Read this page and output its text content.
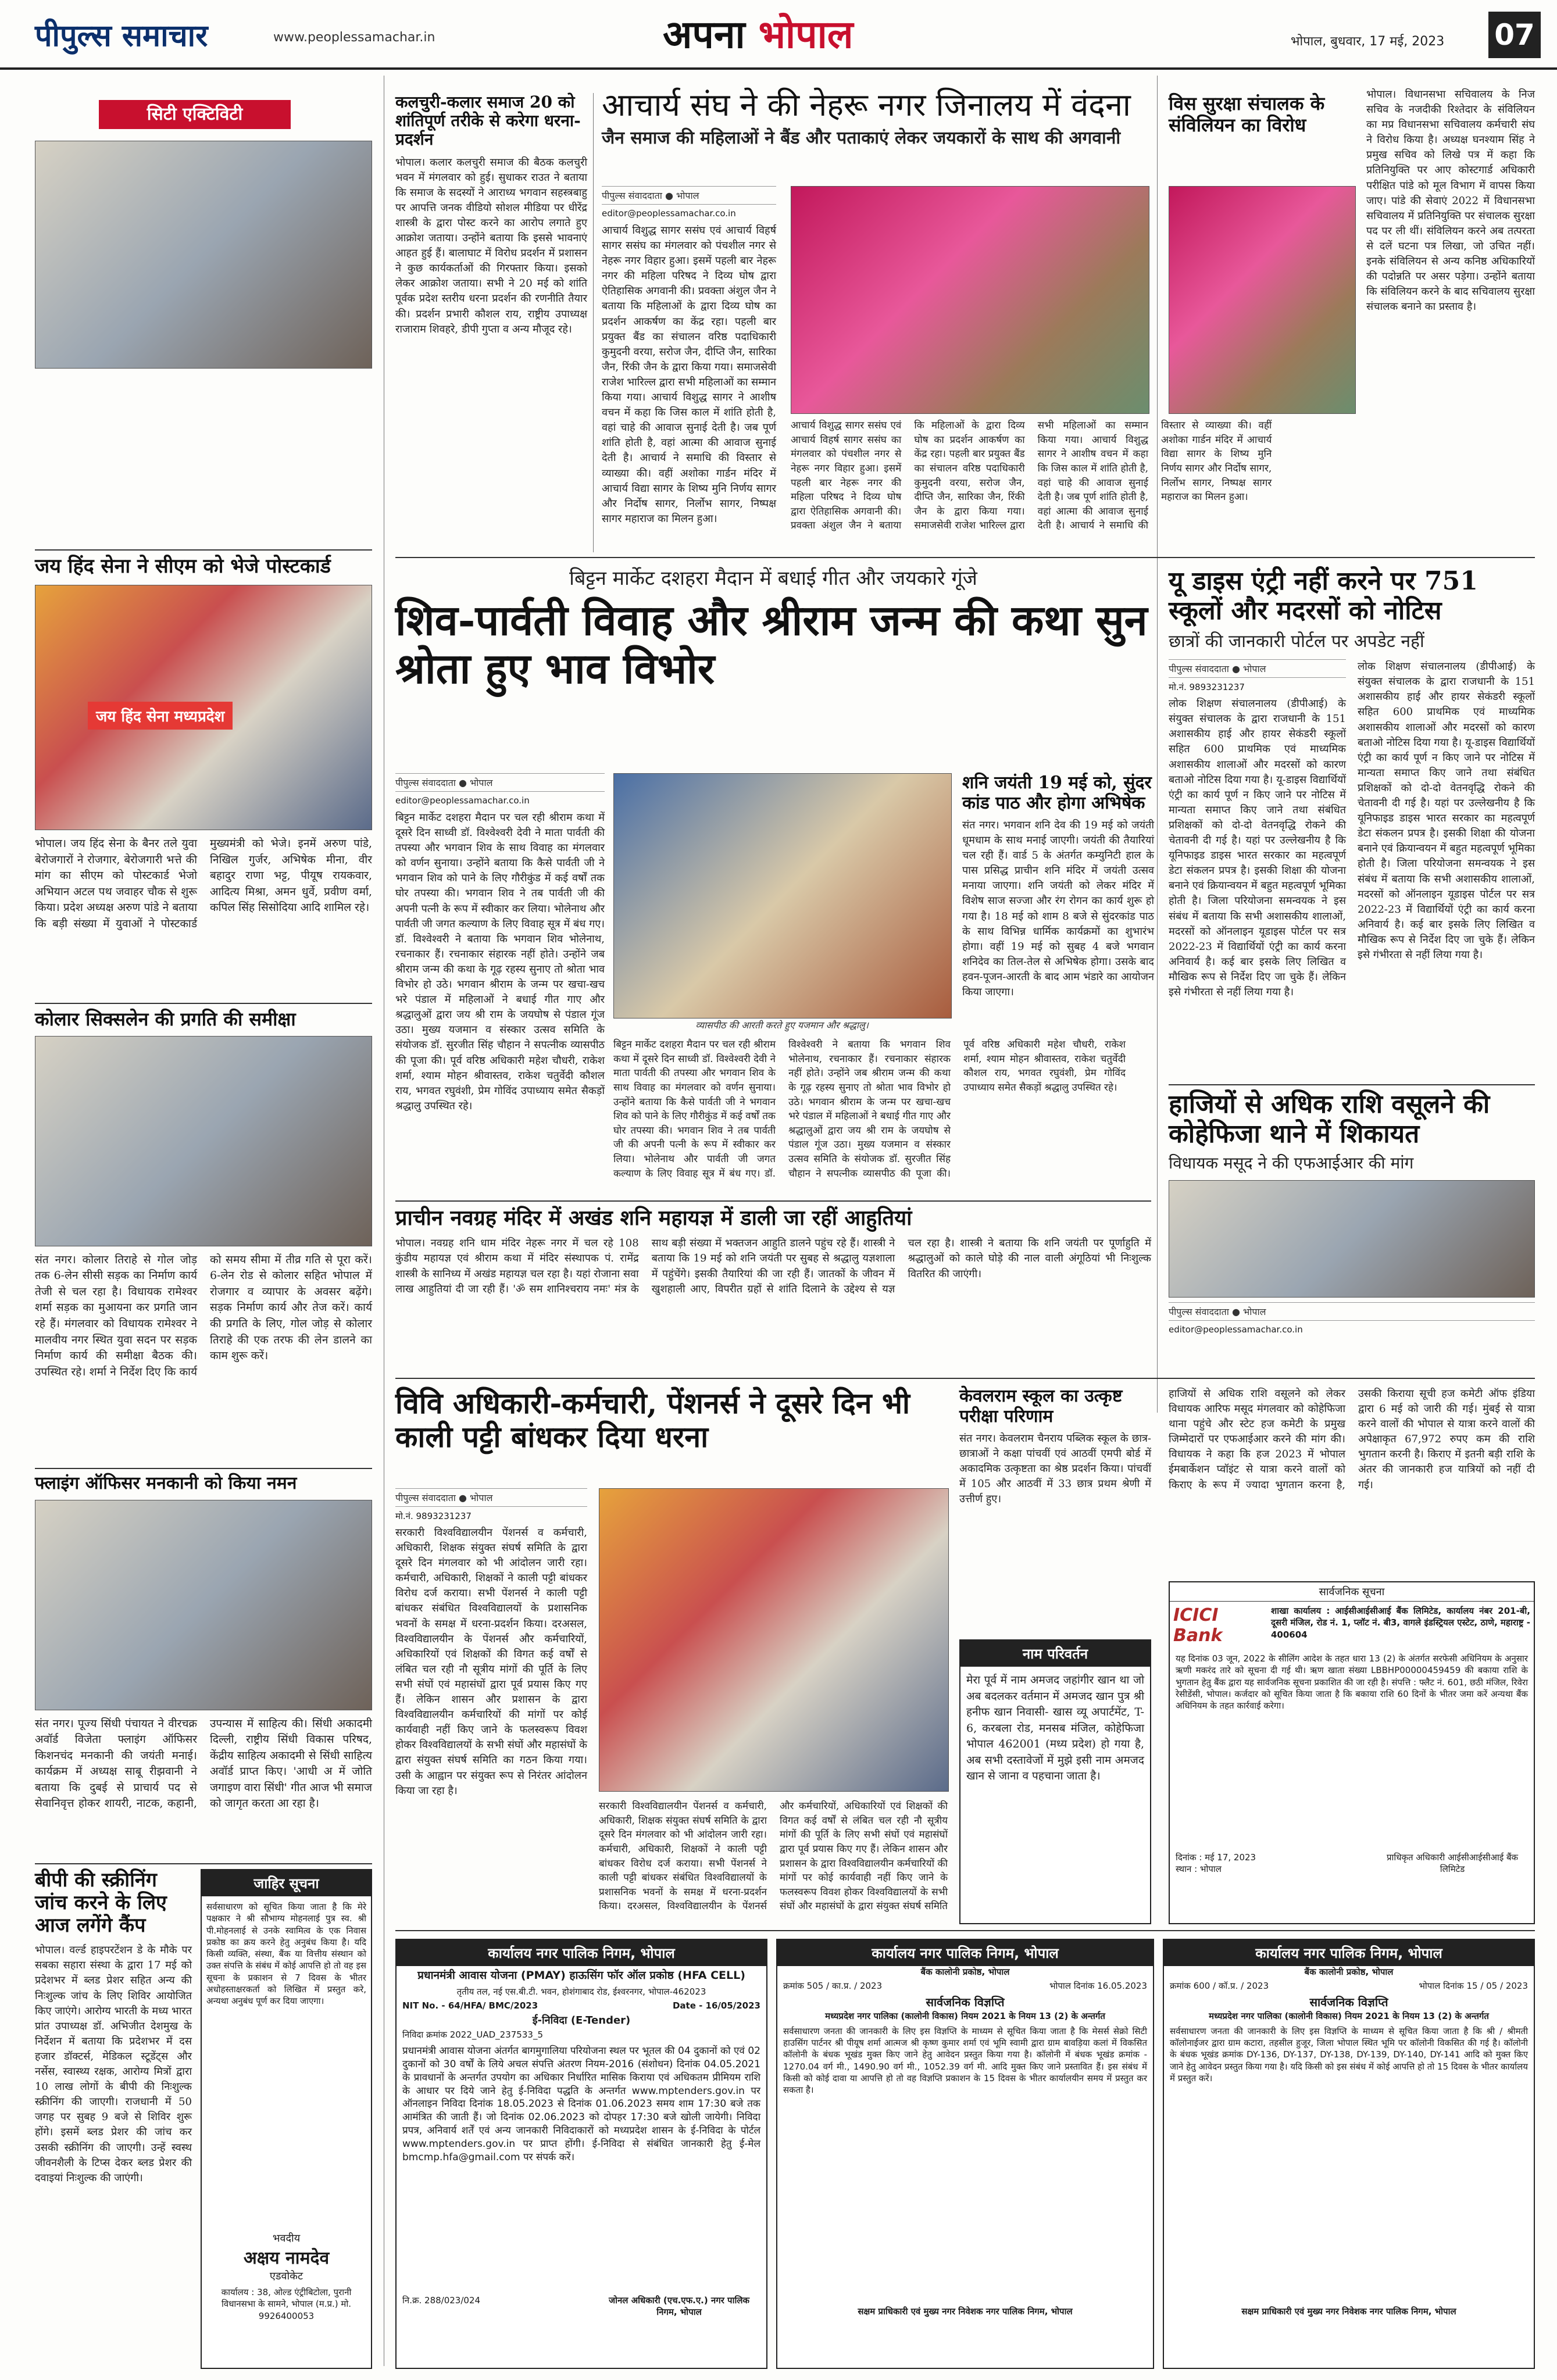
पीपुल्स समाचार	www.peoplessamachar.in	अपना भोपाल	भोपाल, बुधवार, 17 मई, 2023 07
सिटी एक्टिविटी
जय हिंद सेना ने सीएम को भेजे पोस्टकार्ड
जय हिंद सेना मध्यप्रदेश
भोपाल। जय हिंद सेना के बैनर तले युवा बेरोजगारों ने रोजगार, बेरोजगारी भत्ते की मांग का सीएम को पोस्टकार्ड भेजो अभियान अटल पथ जवाहर चौक से शुरू किया। प्रदेश अध्यक्ष अरुण पांडे ने बताया कि बड़ी संख्या में युवाओं ने पोस्टकार्ड मुख्यमंत्री को भेजे। इनमें अरुण पांडे, निखिल गुर्जर, अभिषेक मीना, वीर बहादुर राणा भट्ट, पीयूष रायकवार, आदित्य मिश्रा, अमन धुर्वे, प्रवीण वर्मा, कपिल सिंह सिसोदिया आदि शामिल रहे।
कोलार सिक्सलेन की प्रगति की समीक्षा
संत नगर। कोलार तिराहे से गोल जोड़ तक 6-लेन सीसी सड़क का निर्माण कार्य तेजी से चल रहा है। विधायक रामेश्वर शर्मा सड़क का मुआयना कर प्रगति जान रहे हैं। मंगलवार को विधायक रामेश्वर ने मालवीय नगर स्थित युवा सदन पर सड़क निर्माण कार्य की समीक्षा बैठक की। उपस्थित रहे। शर्मा ने निर्देश दिए कि कार्य को समय सीमा में तीव्र गति से पूरा करें। 6-लेन रोड से कोलार सहित भोपाल में रोजगार व व्यापार के अवसर बढ़ेंगे। सड़क निर्माण कार्य और तेज करें। कार्य की प्रगति के लिए, गोल जोड़ से कोलार तिराहे की एक तरफ की लेन डालने का काम शुरू करें।
फ्लाइंग ऑफिसर मनकानी को किया नमन
संत नगर। पूज्य सिंधी पंचायत ने वीरचक्र अवॉर्ड विजेता फ्लाइंग ऑफिसर किशनचंद मनकानी की जयंती मनाई। कार्यक्रम में अध्यक्ष साबू रीझवानी ने बताया कि दुबई से प्राचार्य पद से सेवानिवृत्त होकर शायरी, नाटक, कहानी, उपन्यास में साहित्य की। सिंधी अकादमी दिल्ली, राष्ट्रीय सिंधी विकास परिषद, केंद्रीय साहित्य अकादमी से सिंधी साहित्य अवॉर्ड प्राप्त किए। 'आधी अ में जोति जगाइण वारा सिंधी' गीत आज भी समाज को जागृत करता आ रहा है।
बीपी की स्क्रीनिंग जांच करने के लिए आज लगेंगे कैंप
भोपाल। वर्ल्ड हाइपरटेंशन डे के मौके पर सबका सहारा संस्था के द्वारा 17 मई को प्रदेशभर में ब्लड प्रेशर सहित अन्य की निःशुल्क जांच के लिए शिविर आयोजित किए जाएंगे। आरोग्य भारती के मध्य भारत प्रांत उपाध्यक्ष डॉ. अभिजीत देशमुख के निर्देशन में बताया कि प्रदेशभर में दस हजार डॉक्टर्स, मेडिकल स्टूडेंट्स और नर्सेस, स्वास्थ्य रक्षक, आरोग्य मित्रों द्वारा 10 लाख लोगों के बीपी की निःशुल्क स्क्रीनिंग की जाएगी। राजधानी में 50 जगह पर सुबह 9 बजे से शिविर शुरू होंगे। इसमें ब्लड प्रेशर की जांच कर उसकी स्क्रीनिंग की जाएगी। उन्हें स्वस्थ जीवनशैली के टिप्स देकर ब्लड प्रेशर की दवाइयां निःशुल्क की जाएंगी।
जाहिर सूचना
सर्वसाधारण को सूचित किया जाता है कि मेरे पक्षकार ने श्री सौभाग्य मोहनलाई पुत्र स्व. श्री पी.मोहनलाई से उनके स्वामित्व के एक निवास प्रकोष्ठ का क्रय करने हेतु अनुबंध किया है। यदि किसी व्यक्ति, संस्था, बैंक या वित्तीय संस्थान को उक्त संपत्ति के संबंध में कोई आपत्ति हो तो वह इस सूचना के प्रकाशन से 7 दिवस के भीतर अधोहस्ताक्षरकर्ता को लिखित में प्रस्तुत करे, अन्यथा अनुबंध पूर्ण कर दिया जाएगा।
भवदीय
अक्षय नामदेव
एडवोकेट
कार्यालय : 38, ओल्ड एंट्रीबिटोला, पुरानी विधानसभा के सामने, भोपाल (म.प्र.) मो. 9926400053
कलचुरी-कलार समाज 20 को शांतिपूर्ण तरीके से करेगा धरना-प्रदर्शन
भोपाल। कलार कलचुरी समाज की बैठक कलचुरी भवन में मंगलवार को हुई। सुधाकर राउत ने बताया कि समाज के सदस्यों ने आराध्य भगवान सहस्त्रबाहु पर आपत्ति जनक वीडियो सोशल मीडिया पर धीरेंद्र शास्त्री के द्वारा पोस्ट करने का आरोप लगाते हुए आक्रोश जताया। उन्होंने बताया कि इससे भावनाएं आहत हुई हैं। बालाघाट में विरोध प्रदर्शन में प्रशासन ने कुछ कार्यकर्ताओं की गिरफ्तार किया। इसको लेकर आक्रोश जताया। सभी ने 20 मई को शांति पूर्वक प्रदेश स्तरीय धरना प्रदर्शन की रणनीति तैयार की। प्रदर्शन प्रभारी कौशल राय, राष्ट्रीय उपाध्यक्ष राजाराम शिवहरे, डीपी गुप्ता व अन्य मौजूद रहे।
आचार्य संघ ने की नेहरू नगर जिनालय में वंदना
जैन समाज की महिलाओं ने बैंड और पताकाएं लेकर जयकारों के साथ की अगवानी
पीपुल्स संवाददाता ● भोपाल
editor@peoplessamachar.co.in
आचार्य विशुद्ध सागर ससंघ एवं आचार्य विहर्ष सागर ससंघ का मंगलवार को पंचशील नगर से नेहरू नगर विहार हुआ। इसमें पहली बार नेहरू नगर की महिला परिषद ने दिव्य घोष द्वारा ऐतिहासिक अगवानी की। प्रवक्ता अंशुल जैन ने बताया कि महिलाओं के द्वारा दिव्य घोष का प्रदर्शन आकर्षण का केंद्र रहा। पहली बार प्रयुक्त बैंड का संचालन वरिष्ठ पदाधिकारी कुमुदनी वरया, सरोज जैन, दीप्ति जैन, सारिका जैन, रिंकी जैन के द्वारा किया गया। समाजसेवी राजेश भारिल्ल द्वारा सभी महिलाओं का सम्मान किया गया। आचार्य विशुद्ध सागर ने आशीष वचन में कहा कि जिस काल में शांति होती है, वहां चाहे की आवाज सुनाई देती है। जब पूर्ण शांति होती है, वहां आत्मा की आवाज सुनाई देती है। आचार्य ने समाधि की विस्तार से व्याख्या की। वहीं अशोका गार्डन मंदिर में आचार्य विद्या सागर के शिष्य मुनि निर्णय सागर और निर्दोष सागर, निर्लोभ सागर, निष्पक्ष सागर महाराज का मिलन हुआ।
आचार्य विशुद्ध सागर ससंघ एवं आचार्य विहर्ष सागर ससंघ का मंगलवार को पंचशील नगर से नेहरू नगर विहार हुआ। इसमें पहली बार नेहरू नगर की महिला परिषद ने दिव्य घोष द्वारा ऐतिहासिक अगवानी की। प्रवक्ता अंशुल जैन ने बताया कि महिलाओं के द्वारा दिव्य घोष का प्रदर्शन आकर्षण का केंद्र रहा। पहली बार प्रयुक्त बैंड का संचालन वरिष्ठ पदाधिकारी कुमुदनी वरया, सरोज जैन, दीप्ति जैन, सारिका जैन, रिंकी जैन के द्वारा किया गया। समाजसेवी राजेश भारिल्ल द्वारा सभी महिलाओं का सम्मान किया गया। आचार्य विशुद्ध सागर ने आशीष वचन में कहा कि जिस काल में शांति होती है, वहां चाहे की आवाज सुनाई देती है। जब पूर्ण शांति होती है, वहां आत्मा की आवाज सुनाई देती है। आचार्य ने समाधि की विस्तार से व्याख्या की। वहीं अशोका गार्डन मंदिर में आचार्य विद्या सागर के शिष्य मुनि निर्णय सागर और निर्दोष सागर, निर्लोभ सागर, निष्पक्ष सागर महाराज का मिलन हुआ।
विस सुरक्षा संचालक के संविलियन का विरोध
भोपाल। विधानसभा सचिवालय के निज सचिव के नजदीकी रिश्तेदार के संविलियन का मप्र विधानसभा सचिवालय कर्मचारी संघ ने विरोध किया है। अध्यक्ष घनश्याम सिंह ने प्रमुख सचिव को लिखे पत्र में कहा कि प्रतिनियुक्ति पर आए कोस्टगार्ड अधिकारी परीक्षित पांडे को मूल विभाग में वापस किया जाए। पांडे की सेवाएं 2022 में विधानसभा सचिवालय में प्रतिनियुक्ति पर संचालक सुरक्षा पद पर ली थीं। संविलियन करने अब तत्परता से दलें घटना पत्र लिखा, जो उचित नहीं। इनके संविलियन से अन्य कनिष्ठ अधिकारियों की पदोन्नति पर असर पड़ेगा। उन्होंने बताया कि संविलियन करने के बाद सचिवालय सुरक्षा संचालक बनाने का प्रस्ताव है।
बिट्टन मार्केट दशहरा मैदान में बधाई गीत और जयकारे गूंजे
शिव-पार्वती विवाह और श्रीराम जन्म की कथा सुन श्रोता हुए भाव विभोर
पीपुल्स संवाददाता ● भोपाल
editor@peoplessamachar.co.in
बिट्टन मार्केट दशहरा मैदान पर चल रही श्रीराम कथा में दूसरे दिन साध्वी डॉ. विश्वेश्वरी देवी ने माता पार्वती की तपस्या और भगवान शिव के साथ विवाह का मंगलवार को वर्णन सुनाया। उन्होंने बताया कि कैसे पार्वती जी ने भगवान शिव को पाने के लिए गौरीकुंड में कई वर्षों तक घोर तपस्या की। भगवान शिव ने तब पार्वती जी की अपनी पत्नी के रूप में स्वीकार कर लिया। भोलेनाथ और पार्वती जी जगत कल्याण के लिए विवाह सूत्र में बंध गए। डॉ. विश्वेश्वरी ने बताया कि भगवान शिव भोलेनाथ, रचनाकार हैं। रचनाकार संहारक नहीं होते। उन्होंने जब श्रीराम जन्म की कथा के गूढ़ रहस्य सुनाए तो श्रोता भाव विभोर हो उठे। भगवान श्रीराम के जन्म पर खचा-खच भरे पंडाल में महिलाओं ने बधाई गीत गाए और श्रद्धालुओं द्वारा जय श्री राम के जयघोष से पंडाल गूंज उठा। मुख्य यजमान व संस्कार उत्सव समिति के संयोजक डॉ. सुरजीत सिंह चौहान ने सपत्नीक व्यासपीठ की पूजा की। पूर्व वरिष्ठ अधिकारी महेश चौधरी, राकेश शर्मा, श्याम मोहन श्रीवास्तव, राकेश चतुर्वेदी कौशल राय, भगवत रघुवंशी, प्रेम गोविंद उपाध्याय समेत सैकड़ों श्रद्धालु उपस्थित रहे।
व्यासपीठ की आरती करते हुए यजमान और श्रद्धालु।
बिट्टन मार्केट दशहरा मैदान पर चल रही श्रीराम कथा में दूसरे दिन साध्वी डॉ. विश्वेश्वरी देवी ने माता पार्वती की तपस्या और भगवान शिव के साथ विवाह का मंगलवार को वर्णन सुनाया। उन्होंने बताया कि कैसे पार्वती जी ने भगवान शिव को पाने के लिए गौरीकुंड में कई वर्षों तक घोर तपस्या की। भगवान शिव ने तब पार्वती जी की अपनी पत्नी के रूप में स्वीकार कर लिया। भोलेनाथ और पार्वती जी जगत कल्याण के लिए विवाह सूत्र में बंध गए। डॉ. विश्वेश्वरी ने बताया कि भगवान शिव भोलेनाथ, रचनाकार हैं। रचनाकार संहारक नहीं होते। उन्होंने जब श्रीराम जन्म की कथा के गूढ़ रहस्य सुनाए तो श्रोता भाव विभोर हो उठे। भगवान श्रीराम के जन्म पर खचा-खच भरे पंडाल में महिलाओं ने बधाई गीत गाए और श्रद्धालुओं द्वारा जय श्री राम के जयघोष से पंडाल गूंज उठा। मुख्य यजमान व संस्कार उत्सव समिति के संयोजक डॉ. सुरजीत सिंह चौहान ने सपत्नीक व्यासपीठ की पूजा की। पूर्व वरिष्ठ अधिकारी महेश चौधरी, राकेश शर्मा, श्याम मोहन श्रीवास्तव, राकेश चतुर्वेदी कौशल राय, भगवत रघुवंशी, प्रेम गोविंद उपाध्याय समेत सैकड़ों श्रद्धालु उपस्थित रहे।
शनि जयंती 19 मई को, सुंदर कांड पाठ और होगा अभिषेक
संत नगर। भगवान शनि देव की 19 मई को जयंती धूमधाम के साथ मनाई जाएगी। जयंती की तैयारियां चल रही हैं। वार्ड 5 के अंतर्गत कम्युनिटी हाल के पास प्रसिद्ध प्राचीन शनि मंदिर में जयंती उत्सव मनाया जाएगा। शनि जयंती को लेकर मंदिर में विशेष साज सज्जा और रंग रोगन का कार्य शुरू हो गया है। 18 मई को शाम 8 बजे से सुंदरकांड पाठ के साथ विभिन्न धार्मिक कार्यक्रमों का शुभारंभ होगा। वहीं 19 मई को सुबह 4 बजे भगवान शनिदेव का तिल-तेल से अभिषेक होगा। उसके बाद हवन-पूजन-आरती के बाद आम भंडारे का आयोजन किया जाएगा।
प्राचीन नवग्रह मंदिर में अखंड शनि महायज्ञ में डाली जा रहीं आहुतियां
भोपाल। नवग्रह शनि धाम मंदिर नेहरू नगर में चल रहे 108 कुंडीय महायज्ञ एवं श्रीराम कथा में मंदिर संस्थापक पं. रामेंद्र शास्त्री के सानिध्य में अखंड महायज्ञ चल रहा है। यहां रोजाना सवा लाख आहुतियां दी जा रही हैं। 'ॐ सम शानिश्चराय नमः' मंत्र के साथ बड़ी संख्या में भक्तजन आहुति डालने पहुंच रहे हैं। शास्त्री ने बताया कि 19 मई को शनि जयंती पर सुबह से श्रद्धालु यज्ञशाला में पहुंचेंगे। इसकी तैयारियां की जा रही हैं। जातकों के जीवन में खुशहाली आए, विपरीत ग्रहों से शांति दिलाने के उद्देश्य से यज्ञ चल रहा है। शास्त्री ने बताया कि शनि जयंती पर पूर्णाहुति में श्रद्धालुओं को काले घोड़े की नाल वाली अंगूठियां भी निःशुल्क वितरित की जाएंगी।
यू डाइस एंट्री नहीं करने पर 751 स्कूलों और मदरसों को नोटिस
छात्रों की जानकारी पोर्टल पर अपडेट नहीं
पीपुल्स संवाददाता ● भोपाल
मो.नं. 9893231237
लोक शिक्षण संचालनालय (डीपीआई) के संयुक्त संचालक के द्वारा राजधानी के 151 अशासकीय हाई और हायर सेकंडरी स्कूलों सहित 600 प्राथमिक एवं माध्यमिक अशासकीय शालाओं और मदरसों को कारण बताओ नोटिस दिया गया है। यू-डाइस विद्यार्थियों एंट्री का कार्य पूर्ण न किए जाने पर नोटिस में मान्यता समाप्त किए जाने तथा संबंधित प्रशिक्षकों को दो-दो वेतनवृद्धि रोकने की चेतावनी दी गई है। यहां पर उल्लेखनीय है कि यूनिफाइड डाइस भारत सरकार का महत्वपूर्ण डेटा संकलन प्रपत्र है। इसकी शिक्षा की योजना बनाने एवं क्रियान्वयन में बहुत महत्वपूर्ण भूमिका होती है। जिला परियोजना समन्वयक ने इस संबंध में बताया कि सभी अशासकीय शालाओं, मदरसों को ऑनलाइन यूडाइस पोर्टल पर सत्र 2022-23 में विद्यार्थियों एंट्री का कार्य करना अनिवार्य है। कई बार इसके लिए लिखित व मौखिक रूप से निर्देश दिए जा चुके हैं। लेकिन इसे गंभीरता से नहीं लिया गया है।
लोक शिक्षण संचालनालय (डीपीआई) के संयुक्त संचालक के द्वारा राजधानी के 151 अशासकीय हाई और हायर सेकंडरी स्कूलों सहित 600 प्राथमिक एवं माध्यमिक अशासकीय शालाओं और मदरसों को कारण बताओ नोटिस दिया गया है। यू-डाइस विद्यार्थियों एंट्री का कार्य पूर्ण न किए जाने पर नोटिस में मान्यता समाप्त किए जाने तथा संबंधित प्रशिक्षकों को दो-दो वेतनवृद्धि रोकने की चेतावनी दी गई है। यहां पर उल्लेखनीय है कि यूनिफाइड डाइस भारत सरकार का महत्वपूर्ण डेटा संकलन प्रपत्र है। इसकी शिक्षा की योजना बनाने एवं क्रियान्वयन में बहुत महत्वपूर्ण भूमिका होती है। जिला परियोजना समन्वयक ने इस संबंध में बताया कि सभी अशासकीय शालाओं, मदरसों को ऑनलाइन यूडाइस पोर्टल पर सत्र 2022-23 में विद्यार्थियों एंट्री का कार्य करना अनिवार्य है। कई बार इसके लिए लिखित व मौखिक रूप से निर्देश दिए जा चुके हैं। लेकिन इसे गंभीरता से नहीं लिया गया है।
हाजियों से अधिक राशि वसूलने की कोहेफिजा थाने में शिकायत
विधायक मसूद ने की एफआईआर की मांग
पीपुल्स संवाददाता ● भोपाल
editor@peoplessamachar.co.in
विवि अधिकारी-कर्मचारी, पेंशनर्स ने दूसरे दिन भी काली पट्टी बांधकर दिया धरना
पीपुल्स संवाददाता ● भोपाल
मो.नं. 9893231237
सरकारी विश्वविद्यालयीन पेंशनर्स व कर्मचारी, अधिकारी, शिक्षक संयुक्त संघर्ष समिति के द्वारा दूसरे दिन मंगलवार को भी आंदोलन जारी रहा। कर्मचारी, अधिकारी, शिक्षकों ने काली पट्टी बांधकर विरोध दर्ज कराया। सभी पेंशनर्स ने काली पट्टी बांधकर संबंधित विश्वविद्यालयों के प्रशासनिक भवनों के समक्ष में धरना-प्रदर्शन किया। दरअसल, विश्वविद्यालयीन के पेंशनर्स और कर्मचारियों, अधिकारियों एवं शिक्षकों की विगत कई वर्षों से लंबित चल रही नौ सूत्रीय मांगों की पूर्ति के लिए सभी संघों एवं महासंघों द्वारा पूर्व प्रयास किए गए हैं। लेकिन शासन और प्रशासन के द्वारा विश्वविद्यालयीन कर्मचारियों की मांगों पर कोई कार्यवाही नहीं किए जाने के फलस्वरूप विवश होकर विश्वविद्यालयों के सभी संघों और महासंघों के द्वारा संयुक्त संघर्ष समिति का गठन किया गया। उसी के आह्वान पर संयुक्त रूप से निरंतर आंदोलन किया जा रहा है।
सरकारी विश्वविद्यालयीन पेंशनर्स व कर्मचारी, अधिकारी, शिक्षक संयुक्त संघर्ष समिति के द्वारा दूसरे दिन मंगलवार को भी आंदोलन जारी रहा। कर्मचारी, अधिकारी, शिक्षकों ने काली पट्टी बांधकर विरोध दर्ज कराया। सभी पेंशनर्स ने काली पट्टी बांधकर संबंधित विश्वविद्यालयों के प्रशासनिक भवनों के समक्ष में धरना-प्रदर्शन किया। दरअसल, विश्वविद्यालयीन के पेंशनर्स और कर्मचारियों, अधिकारियों एवं शिक्षकों की विगत कई वर्षों से लंबित चल रही नौ सूत्रीय मांगों की पूर्ति के लिए सभी संघों एवं महासंघों द्वारा पूर्व प्रयास किए गए हैं। लेकिन शासन और प्रशासन के द्वारा विश्वविद्यालयीन कर्मचारियों की मांगों पर कोई कार्यवाही नहीं किए जाने के फलस्वरूप विवश होकर विश्वविद्यालयों के सभी संघों और महासंघों के द्वारा संयुक्त संघर्ष समिति
केवलराम स्कूल का उत्कृष्ट परीक्षा परिणाम
संत नगर। केवलराम चैनराय पब्लिक स्कूल के छात्र-छात्राओं ने कक्षा पांचवीं एवं आठवीं एमपी बोर्ड में अकादमिक उत्कृष्टता का श्रेष्ठ प्रदर्शन किया। पांचवीं में 105 और आठवीं में 33 छात्र प्रथम श्रेणी में उत्तीर्ण हुए।
नाम परिवर्तन
मेरा पूर्व में नाम अमजद जहांगीर खान था जो अब बदलकर वर्तमान में अमजद खान पुत्र श्री हनीफ खान निवासी- खास व्यू अपार्टमेंट, T-6, करबला रोड, मनसब मंजिल, कोहेफिजा भोपाल 462001 (मध्य प्रदेश) हो गया है, अब सभी दस्तावेजों में मुझे इसी नाम अमजद खान से जाना व पहचाना जाता है।
हाजियों से अधिक राशि वसूलने को लेकर विधायक आरिफ मसूद मंगलवार को कोहेफिजा थाना पहुंचे और स्टेट हज कमेटी के प्रमुख जिम्मेदारों पर एफआईआर करने की मांग की। विधायक ने कहा कि हज 2023 में भोपाल ईमबार्केशन प्वॉइंट से यात्रा करने वालों को किराए के रूप में ज्यादा भुगतान करना है, उसकी किराया सूची हज कमेटी ऑफ इंडिया द्वारा 6 मई को जारी की गई। मुंबई से यात्रा करने वालों की भोपाल से यात्रा करने वालों की अपेक्षाकृत 67,972 रुपए कम की राशि भुगतान करनी है। किराए में इतनी बड़ी राशि के अंतर की जानकारी हज यात्रियों को नहीं दी गई।
सार्वजनिक सूचना
ICICI Bank
शाखा कार्यालय : आईसीआईसीआई बैंक लिमिटेड, कार्यालय नंबर 201-बी, दूसरी मंजिल, रोड नं. 1, प्लॉट नं. बी3, वागले इंडस्ट्रियल एस्टेट, ठाणे, महाराष्ट्र - 400604
यह दिनांक 03 जून, 2022 के सीलिंग आदेश के तहत धारा 13 (2) के अंतर्गत सरफेसी अधिनियम के अनुसार ऋणी मकरंद तारे को सूचना दी गई थी। ऋण खाता संख्या LBBHP00000459459 की बकाया राशि के भुगतान हेतु बैंक द्वारा यह सार्वजनिक सूचना प्रकाशित की जा रही है। संपत्ति : फ्लैट नं. 601, छठी मंजिल, रिवेरा रेसीडेंसी, भोपाल। कर्जदार को सूचित किया जाता है कि बकाया राशि 60 दिनों के भीतर जमा करें अन्यथा बैंक अधिनियम के तहत कार्रवाई करेगा।
दिनांक : मई 17, 2023
स्थान : भोपाल
प्राधिकृत अधिकारी आईसीआईसीआई बैंक लिमिटेड
कार्यालय नगर पालिक निगम, भोपाल
प्रधानमंत्री आवास योजना (PMAY) हाऊसिंग फॉर ऑल प्रकोष्ठ (HFA CELL)
तृतीय तल, नई एस.बी.टी. भवन, होशंगाबाद रोड, ईश्वरनगर, भोपाल-462023
NIT No. - 64/HFA/ BMC/2023	Date - 16/05/2023
ई-निविदा (E-Tender)
निविदा क्रमांक 2022_UAD_237533_5
प्रधानमंत्री आवास योजना अंतर्गत बागमुगालिया परियोजना स्थल पर भूतल की 04 दुकानों को एवं 02 दुकानों को 30 वर्षों के लिये अचल संपत्ति अंतरण नियम-2016 (संशोधन) दिनांक 04.05.2021 के प्रावधानों के अन्तर्गत उपयोग का अधिकार निर्धारित मासिक किराया एवं अधिकतम प्रीमियम राशि के आधार पर दिये जाने हेतु ई-निविदा पद्धति के अन्तर्गत www.mptenders.gov.in पर ऑनलाइन निविदा दिनांक 18.05.2023 से दिनांक 01.06.2023 समय शाम 17:30 बजे तक आमंत्रित की जाती हैं। जो दिनांक 02.06.2023 को दोपहर 17:30 बजे खोली जायेगी। निविदा प्रपत्र, अनिवार्य शर्तें एवं अन्य जानकारी निविदाकारों को मध्यप्रदेश शासन के ई-निविदा के पोर्टल www.mptenders.gov.in पर प्राप्त होंगी। ई-निविदा से संबंधित जानकारी हेतु ई-मेल bmcmp.hfa@gmail.com पर संपर्क करें।
नि.क्र. 288/023/024	जोनल अधिकारी (एच.एफ.ए.) नगर पालिक निगम, भोपाल
कार्यालय नगर पालिक निगम, भोपाल
बैंक कालोनी प्रकोष्ठ, भोपाल
क्रमांक 505 / का.प्र. / 2023	भोपाल दिनांक 16.05.2023
सार्वजनिक विज्ञप्ति
मध्यप्रदेश नगर पालिका (कालोनी विकास) नियम 2021 के नियम 13 (2) के अन्तर्गत
सर्वसाधारण जनता की जानकारी के लिए इस विज्ञप्ति के माध्यम से सूचित किया जाता है कि मेसर्स सेक्रो सिटी हाउसिंग पार्टनर श्री पीयूष शर्मा आत्मज श्री कृष्ण कुमार शर्मा एवं भूमि स्वामी द्वारा ग्राम बावड़िया कलां में विकसित कॉलोनी के बंधक भूखंड मुक्त किए जाने हेतु आवेदन प्रस्तुत किया गया है। कॉलोनी में बंधक भूखंड क्रमांक - 1270.04 वर्ग मी., 1490.90 वर्ग मी., 1052.39 वर्ग मी. आदि मुक्त किए जाने प्रस्तावित हैं। इस संबंध में किसी को कोई दावा या आपत्ति हो तो वह विज्ञप्ति प्रकाशन के 15 दिवस के भीतर कार्यालयीन समय में प्रस्तुत कर सकता है।
सक्षम प्राधिकारी एवं मुख्य नगर निवेशक नगर पालिक निगम, भोपाल
कार्यालय नगर पालिक निगम, भोपाल
बैंक कालोनी प्रकोष्ठ, भोपाल
क्रमांक 600 / कॉ.प्र. / 2023	भोपाल दिनांक 15 / 05 / 2023
सार्वजनिक विज्ञप्ति
मध्यप्रदेश नगर पालिका (कालोनी विकास) नियम 2021 के नियम 13 (2) के अन्तर्गत
सर्वसाधारण जनता की जानकारी के लिए इस विज्ञप्ति के माध्यम से सूचित किया जाता है कि श्री / श्रीमती कॉलोनाईजर द्वारा ग्राम कटारा, तहसील हुजूर, जिला भोपाल स्थित भूमि पर कॉलोनी विकसित की गई है। कॉलोनी के बंधक भूखंड क्रमांक DY-136, DY-137, DY-138, DY-139, DY-140, DY-141 आदि को मुक्त किए जाने हेतु आवेदन प्रस्तुत किया गया है। यदि किसी को इस संबंध में कोई आपत्ति हो तो 15 दिवस के भीतर कार्यालय में प्रस्तुत करें।
सक्षम प्राधिकारी एवं मुख्य नगर निवेशक नगर पालिक निगम, भोपाल
